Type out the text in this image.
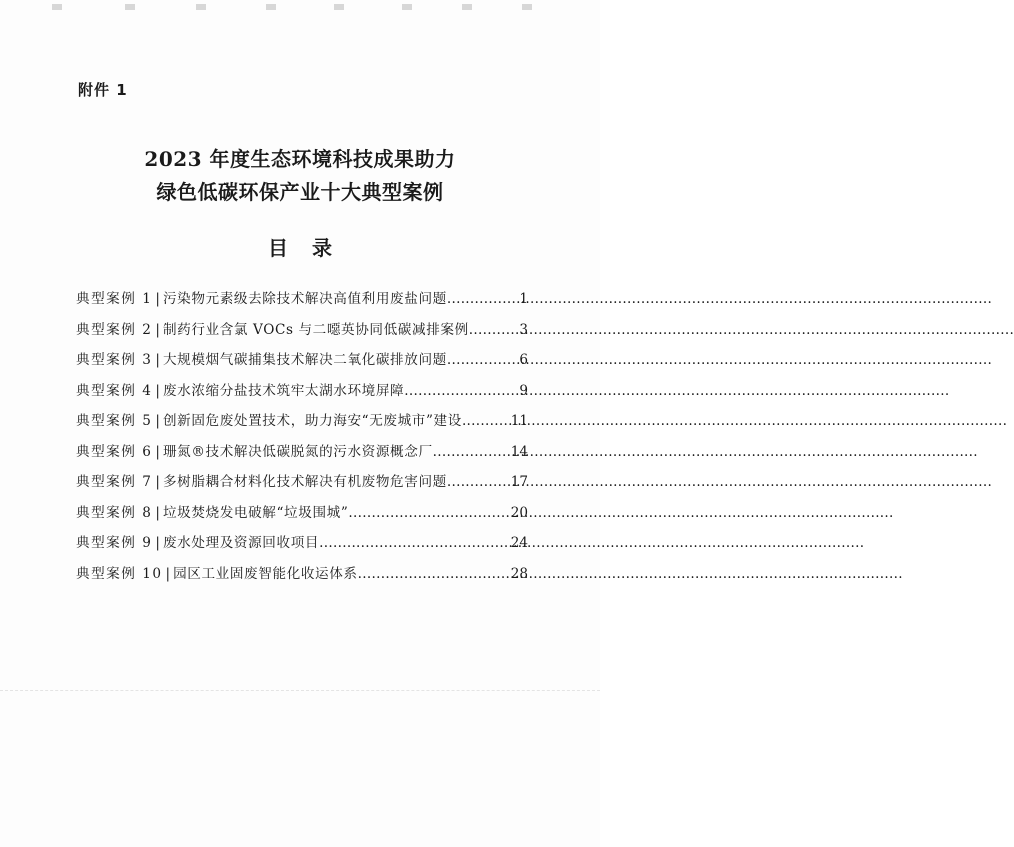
附件 1
2023 年度生态环境科技成果助力
绿色低碳环保产业十大典型案例
目录
典型案例 1 | 污染物元素级去除技术解决高值利用废盐问题 .....	1
典型案例 2 | 制药行业含氯 VOCs 与二噁英协同低碳减排案例 .....	3
典型案例 3 | 大规模烟气碳捕集技术解决二氧化碳排放问题 .....	6
典型案例 4 | 废水浓缩分盐技术筑牢太湖水环境屏障 .....	9
典型案例 5 | 创新固危废处置技术，助力海安“无废城市”建设 .....	11
典型案例 6 | 珊氮®技术解决低碳脱氮的污水资源概念厂 .....	14
典型案例 7 | 多树脂耦合材料化技术解决有机废物危害问题 .....	17
典型案例 8 | 垃圾焚烧发电破解“垃圾围城” .....	20
典型案例 9 | 废水处理及资源回收项目 .....	24
典型案例 10 | 园区工业固废智能化收运体系 .....	28
